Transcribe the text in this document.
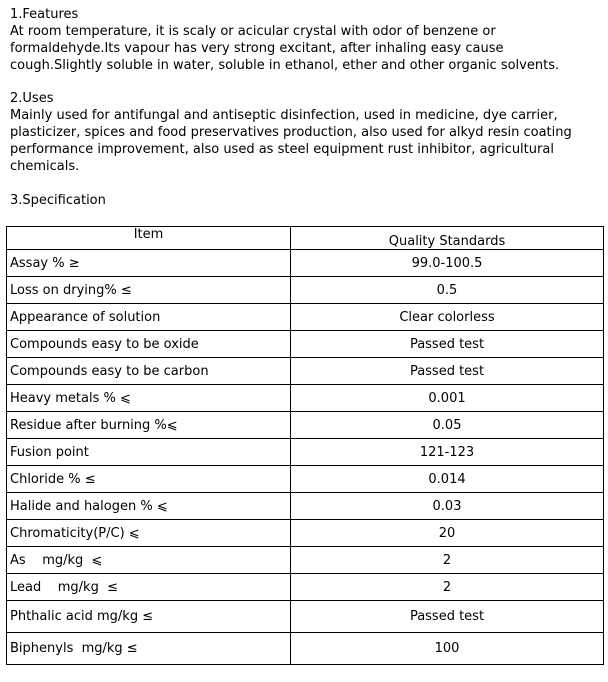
1.Features

At room temperature, it is scaly or acicular crystal with odor of benzene or
formaldehyde.Its vapour has very strong excitant, after inhaling easy cause
cough.Slightly soluble in water, soluble in ethanol, ether and other organic solvents.

2.Uses

Mainly used for antifungal and antiseptic disinfection, used in medicine, dye carrier,
plasticizer, spices and food preservatives production, also used for alkyd resin coating
performance improvement, also used as steel equipment rust inhibitor, agricultural
chemicals.

3.Specification
Item	Quality Standards
Assay % ≥	99.0-100.5
Loss on drying% ≤	0.5
Appearance of solution	Clear colorless
Compounds easy to be oxide	Passed test
Compounds easy to be carbon	Passed test
Heavy metals % ⩽	0.001
Residue after burning %⩽	0.05
Fusion point	121-123
Chloride % ≤	0.014
Halide and halogen % ⩽	0.03
Chromaticity(P/C) ⩽	20
As    mg/kg  ⩽	2
Lead    mg/kg  ≤	2
Phthalic acid mg/kg ≤	Passed test
Biphenyls  mg/kg ≤	100
